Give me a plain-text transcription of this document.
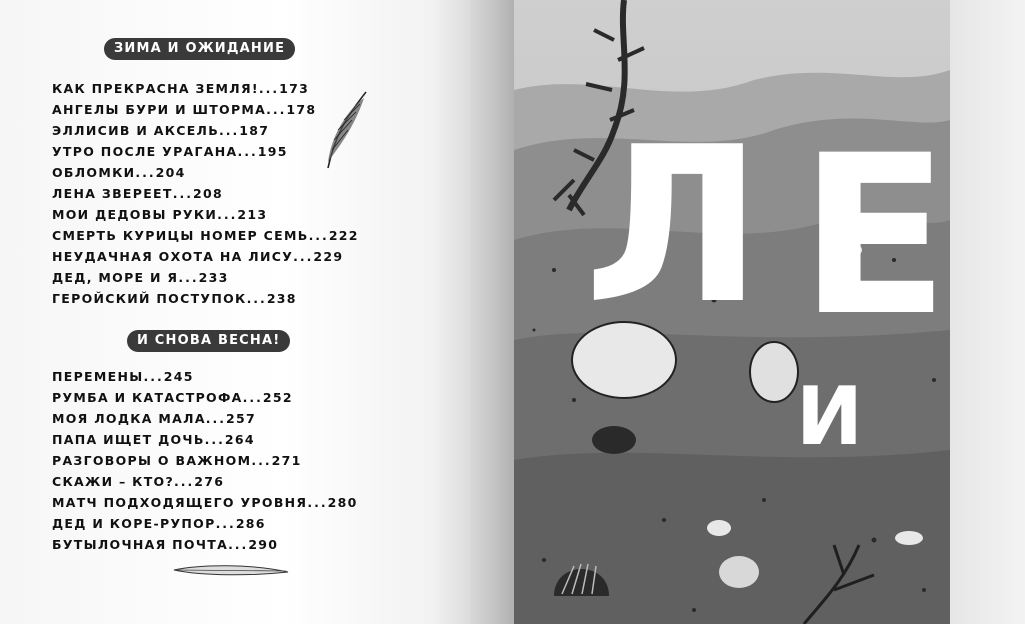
ЗИМА И ОЖИДАНИЕ
КАК ПРЕКРАСНА ЗЕМЛЯ!...173
АНГЕЛЫ БУРИ И ШТОРМА...178
ЭЛЛИСИВ И АКСЕЛЬ...187
УТРО ПОСЛЕ УРАГАНА...195
ОБЛОМКИ...204
ЛЕНА ЗВЕРЕЕТ...208
МОИ ДЕДОВЫ РУКИ...213
СМЕРТЬ КУРИЦЫ НОМЕР СЕМЬ...222
НЕУДАЧНАЯ ОХОТА НА ЛИСУ...229
ДЕД, МОРЕ И Я...233
ГЕРОЙСКИЙ ПОСТУПОК...238
И СНОВА ВЕСНА!
ПЕРЕМЕНЫ...245
РУМБА И КАТАСТРОФА...252
МОЯ ЛОДКА МАЛА...257
ПАПА ИЩЕТ ДОЧЬ...264
РАЗГОВОРЫ О ВАЖНОМ...271
СКАЖИ – КТО?...276
МАТЧ ПОДХОДЯЩЕГО УРОВНЯ...280
ДЕД И КОРЕ-РУПОР...286
БУТЫЛОЧНАЯ ПОЧТА...290
Л Е
И
